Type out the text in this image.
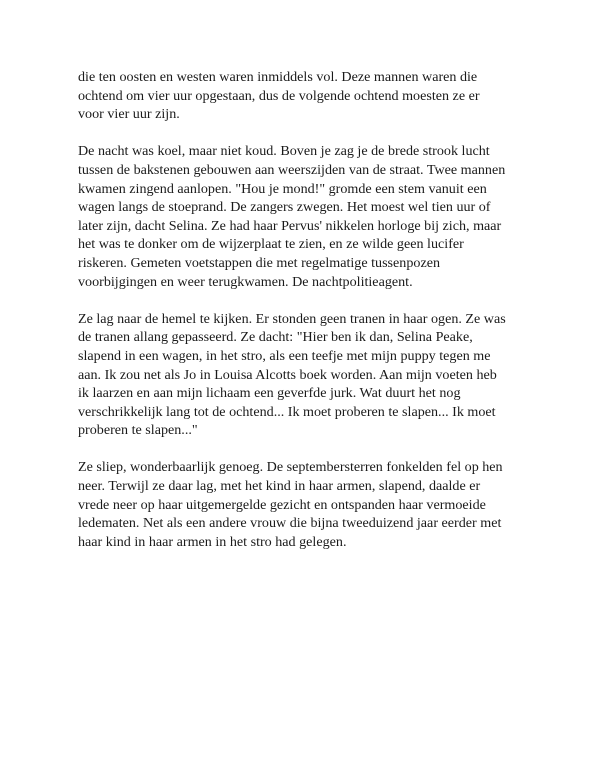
die ten oosten en westen waren inmiddels vol. Deze mannen waren die
ochtend om vier uur opgestaan, dus de volgende ochtend moesten ze er
voor vier uur zijn.

De nacht was koel, maar niet koud. Boven je zag je de brede strook lucht
tussen de bakstenen gebouwen aan weerszijden van de straat. Twee mannen
kwamen zingend aanlopen. "Hou je mond!" gromde een stem vanuit een
wagen langs de stoeprand. De zangers zwegen. Het moest wel tien uur of
later zijn, dacht Selina. Ze had haar Pervus' nikkelen horloge bij zich, maar
het was te donker om de wijzerplaat te zien, en ze wilde geen lucifer
riskeren. Gemeten voetstappen die met regelmatige tussenpozen
voorbijgingen en weer terugkwamen. De nachtpolitieagent.

Ze lag naar de hemel te kijken. Er stonden geen tranen in haar ogen. Ze was
de tranen allang gepasseerd. Ze dacht: "Hier ben ik dan, Selina Peake,
slapend in een wagen, in het stro, als een teefje met mijn puppy tegen me
aan. Ik zou net als Jo in Louisa Alcotts boek worden. Aan mijn voeten heb
ik laarzen en aan mijn lichaam een geverfde jurk. Wat duurt het nog
verschrikkelijk lang tot de ochtend... Ik moet proberen te slapen... Ik moet
proberen te slapen..."

Ze sliep, wonderbaarlijk genoeg. De septembersterren fonkelden fel op hen
neer. Terwijl ze daar lag, met het kind in haar armen, slapend, daalde er
vrede neer op haar uitgemergelde gezicht en ontspanden haar vermoeide
ledematen. Net als een andere vrouw die bijna tweeduizend jaar eerder met
haar kind in haar armen in het stro had gelegen.
